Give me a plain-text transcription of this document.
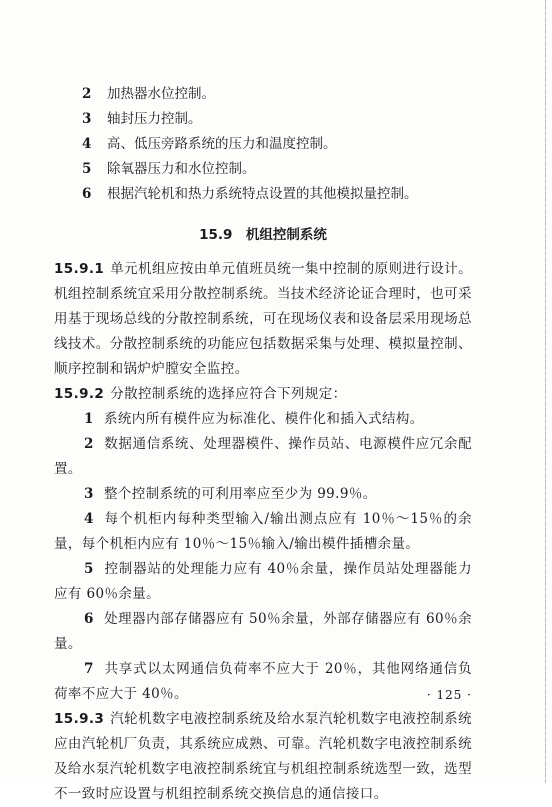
2 加热器水位控制。
3 轴封压力控制。
4 高、低压旁路系统的压力和温度控制。
5 除氧器压力和水位控制。
6 根据汽轮机和热力系统特点设置的其他模拟量控制。
15.9　机组控制系统

15.9.1 单元机组应按由单元值班员统一集中控制的原则进行设计。机组控制系统宜采用分散控制系统。当技术经济论证合理时，也可采用基于现场总线的分散控制系统，可在现场仪表和设备层采用现场总线技术。分散控制系统的功能应包括数据采集与处理、模拟量控制、顺序控制和锅炉炉膛安全监控。

15.9.2 分散控制系统的选择应符合下列规定：

1 系统内所有模件应为标准化、模件化和插入式结构。

2 数据通信系统、处理器模件、操作员站、电源模件应冗余配置。

3 整个控制系统的可利用率应至少为 99.9％。

4 每个机柜内每种类型输入/输出测点应有 10％～15％的余量，每个机柜内应有 10％～15％输入/输出模件插槽余量。

5 控制器站的处理能力应有 40％余量，操作员站处理器能力应有 60％余量。

6 处理器内部存储器应有 50％余量，外部存储器应有 60％余量。

7 共享式以太网通信负荷率不应大于 20％，其他网络通信负荷率不应大于 40％。

15.9.3 汽轮机数字电液控制系统及给水泵汽轮机数字电液控制系统应由汽轮机厂负责，其系统应成熟、可靠。汽轮机数字电液控制系统及给水泵汽轮机数字电液控制系统宜与机组控制系统选型一致，选型不一致时应设置与机组控制系统交换信息的通信接口。

· 125 ·
